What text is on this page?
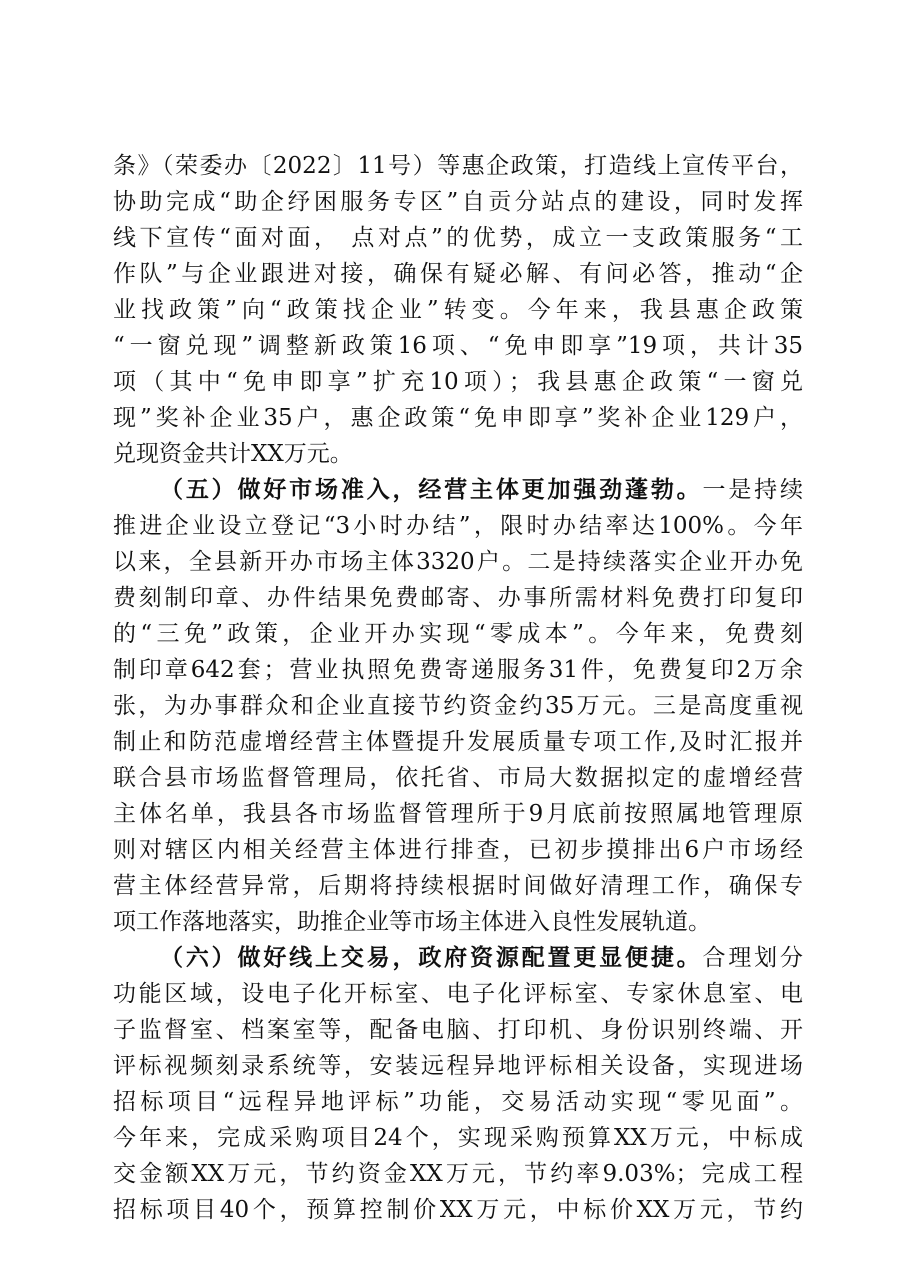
条》（荣委办〔2022〕11号）等惠企政策，打造线上宣传平台，
协助完成“助企纾困服务专区”自贡分站点的建设，同时发挥
线下宣传“面对面， 点对点”的优势，成立一支政策服务“工
作队”与企业跟进对接，确保有疑必解、有问必答，推动“企
业找政策”向“政策找企业”转变。今年来，我县惠企政策
“一窗兑现”调整新政策16项、“免申即享”19项，共计35
项（其中“免申即享”扩充10项）；我县惠企政策“一窗兑
现”奖补企业35户，惠企政策“免申即享”奖补企业129户，
兑现资金共计XX万元。
（五）做好市场准入，经营主体更加强劲蓬勃。一是持续
推进企业设立登记“3小时办结”，限时办结率达100%。今年
以来，全县新开办市场主体3320户。二是持续落实企业开办免
费刻制印章、办件结果免费邮寄、办事所需材料免费打印复印
的“三免”政策，企业开办实现“零成本”。今年来，免费刻
制印章642套；营业执照免费寄递服务31件，免费复印2万余
张，为办事群众和企业直接节约资金约35万元。三是高度重视
制止和防范虚增经营主体暨提升发展质量专项工作,及时汇报并
联合县市场监督管理局，依托省、市局大数据拟定的虚增经营
主体名单，我县各市场监督管理所于9月底前按照属地管理原
则对辖区内相关经营主体进行排查，已初步摸排出6户市场经
营主体经营异常，后期将持续根据时间做好清理工作，确保专
项工作落地落实，助推企业等市场主体进入良性发展轨道。
（六）做好线上交易，政府资源配置更显便捷。合理划分
功能区域，设电子化开标室、电子化评标室、专家休息室、电
子监督室、档案室等，配备电脑、打印机、身份识别终端、开
评标视频刻录系统等，安装远程异地评标相关设备，实现进场
招标项目“远程异地评标”功能，交易活动实现“零见面”。
今年来，完成采购项目24个，实现采购预算XX万元，中标成
交金额XX万元，节约资金XX万元，节约率9.03%；完成工程
招标项目40个，预算控制价XX万元，中标价XX万元，节约
